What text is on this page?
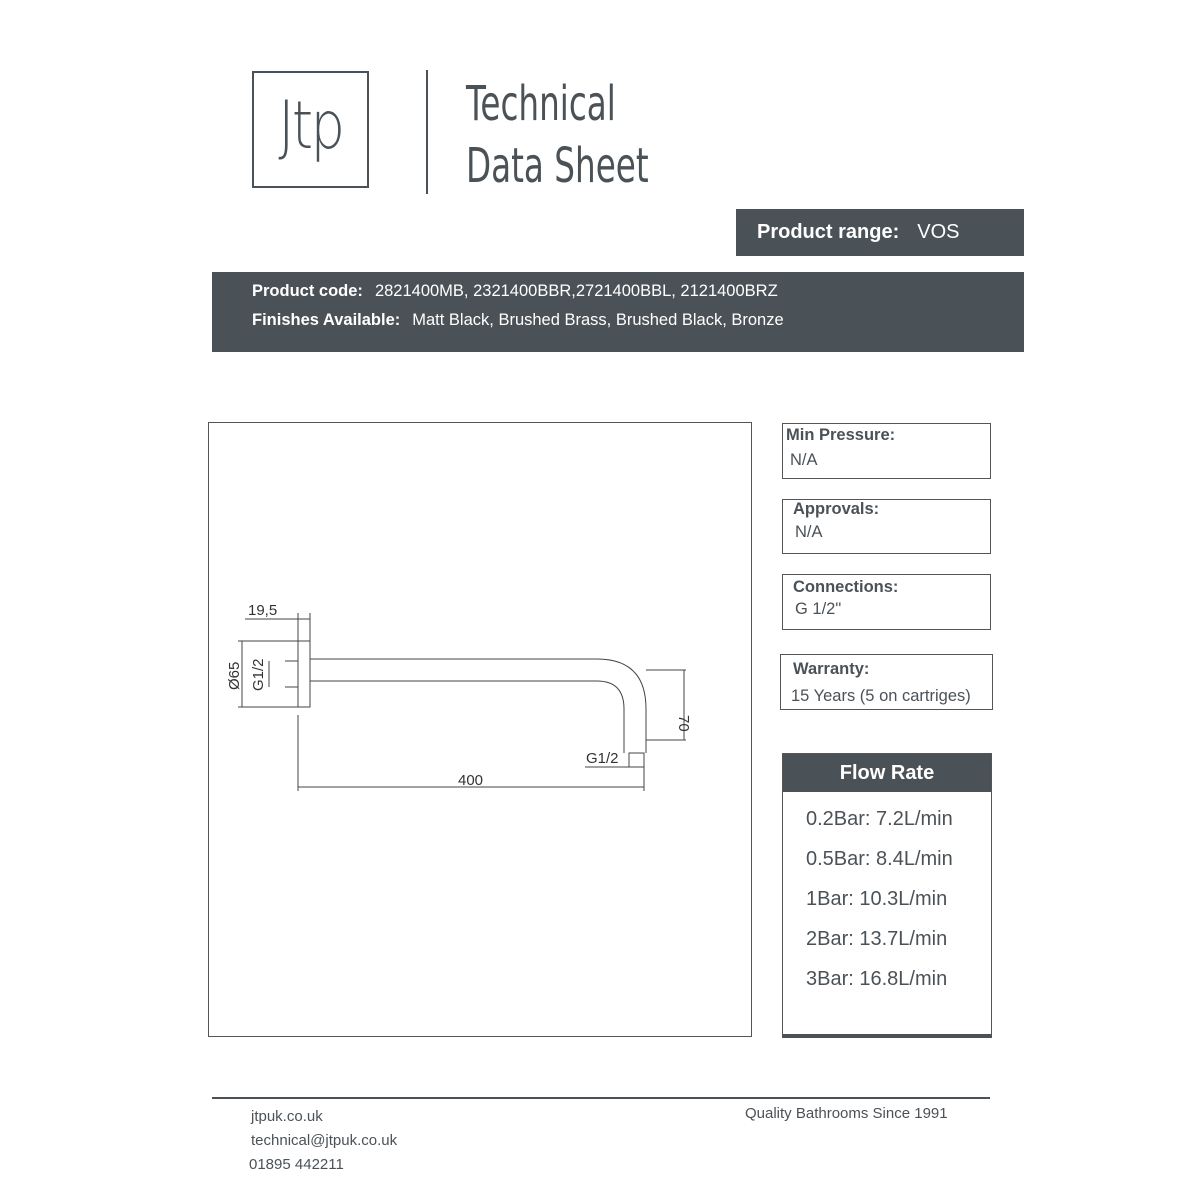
Jtp	Technical
Data Sheet
Product range: VOS
Product code: 2821400MB, 2321400BBR,2721400BBL, 2121400BRZ
Finishes Available: Matt Black, Brushed Brass, Brushed Black, Bronze
19,5
Ø65 G1/2
70
G1/2
400
Min Pressure:
N/A
Approvals:
N/A
Connections:
G 1/2"
Warranty:
15 Years (5 on cartriges)
Flow Rate
0.2Bar: 7.2L/min
0.5Bar: 8.4L/min
1Bar: 10.3L/min
2Bar: 13.7L/min
3Bar: 16.8L/min
jtpuk.co.uk
technical@jtpuk.co.uk
01895 442211
Quality Bathrooms Since 1991
